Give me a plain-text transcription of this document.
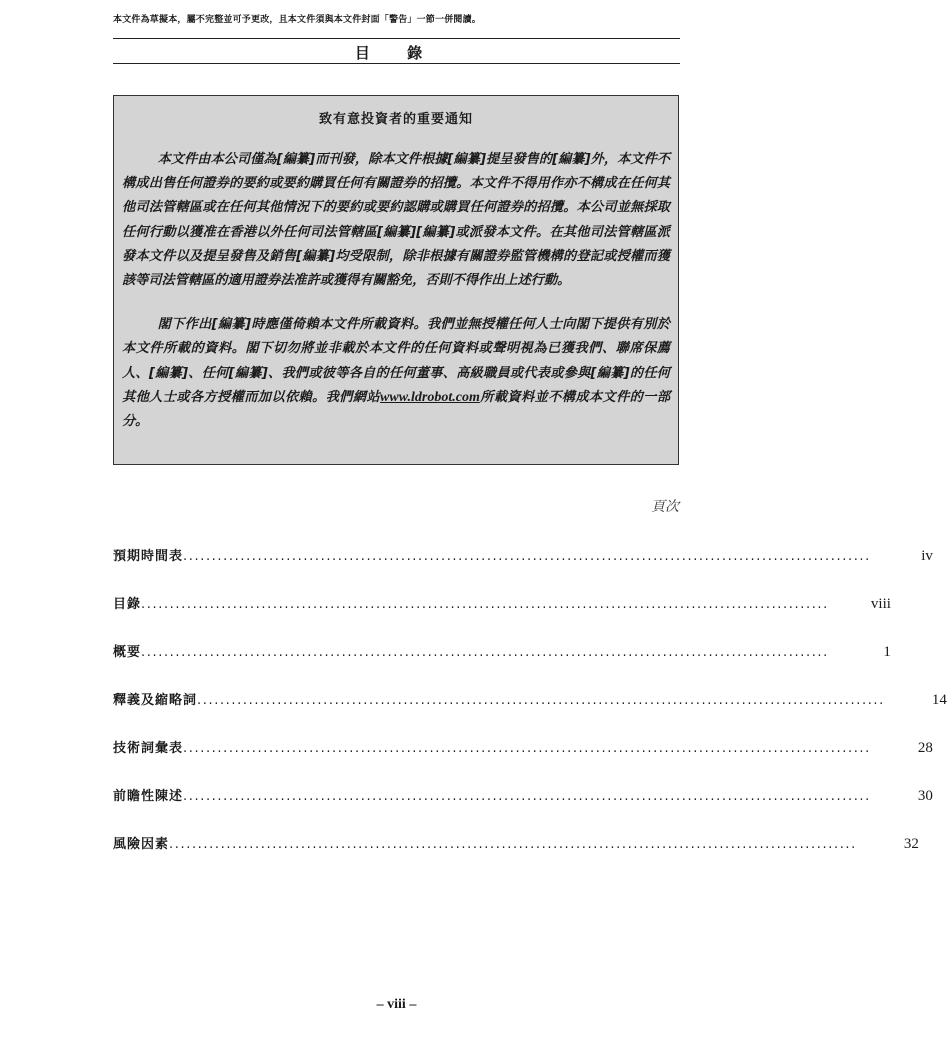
本文件為草擬本，屬不完整並可予更改，且本文件須與本文件封面「警告」一節一併閱讀。
目 錄
致有意投資者的重要通知

本文件由本公司僅為[編纂]而刊發，除本文件根據[編纂]提呈發售的[編纂]外，本文件不構成出售任何證券的要約或要約購買任何有關證券的招攬。本文件不得用作亦不構成在任何其他司法管轄區或在任何其他情況下的要約或要約認購或購買任何證券的招攬。本公司並無採取任何行動以獲准在香港以外任何司法管轄區[編纂][編纂]或派發本文件。在其他司法管轄區派發本文件以及提呈發售及銷售[編纂]均受限制，除非根據有關證券監管機構的登記或授權而獲該等司法管轄區的適用證券法准許或獲得有關豁免，否則不得作出上述行動。

閣下作出[編纂]時應僅倚賴本文件所載資料。我們並無授權任何人士向閣下提供有別於本文件所載的資料。閣下切勿將並非載於本文件的任何資料或聲明視為已獲我們、聯席保薦人、[編纂]、任何[編纂]、我們或彼等各自的任何董事、高級職員或代表或參與[編纂]的任何其他人士或各方授權而加以依賴。我們網站www.ldrobot.com所載資料並不構成本文件的一部分。

頁次
預期時間表 ........................................................................................................................	iv
目錄 ........................................................................................................................	viii
概要 ........................................................................................................................	1
釋義及縮略詞 ........................................................................................................................	14
技術詞彙表 ........................................................................................................................	28
前瞻性陳述 ........................................................................................................................	30
風險因素 ........................................................................................................................	32
– viii –
